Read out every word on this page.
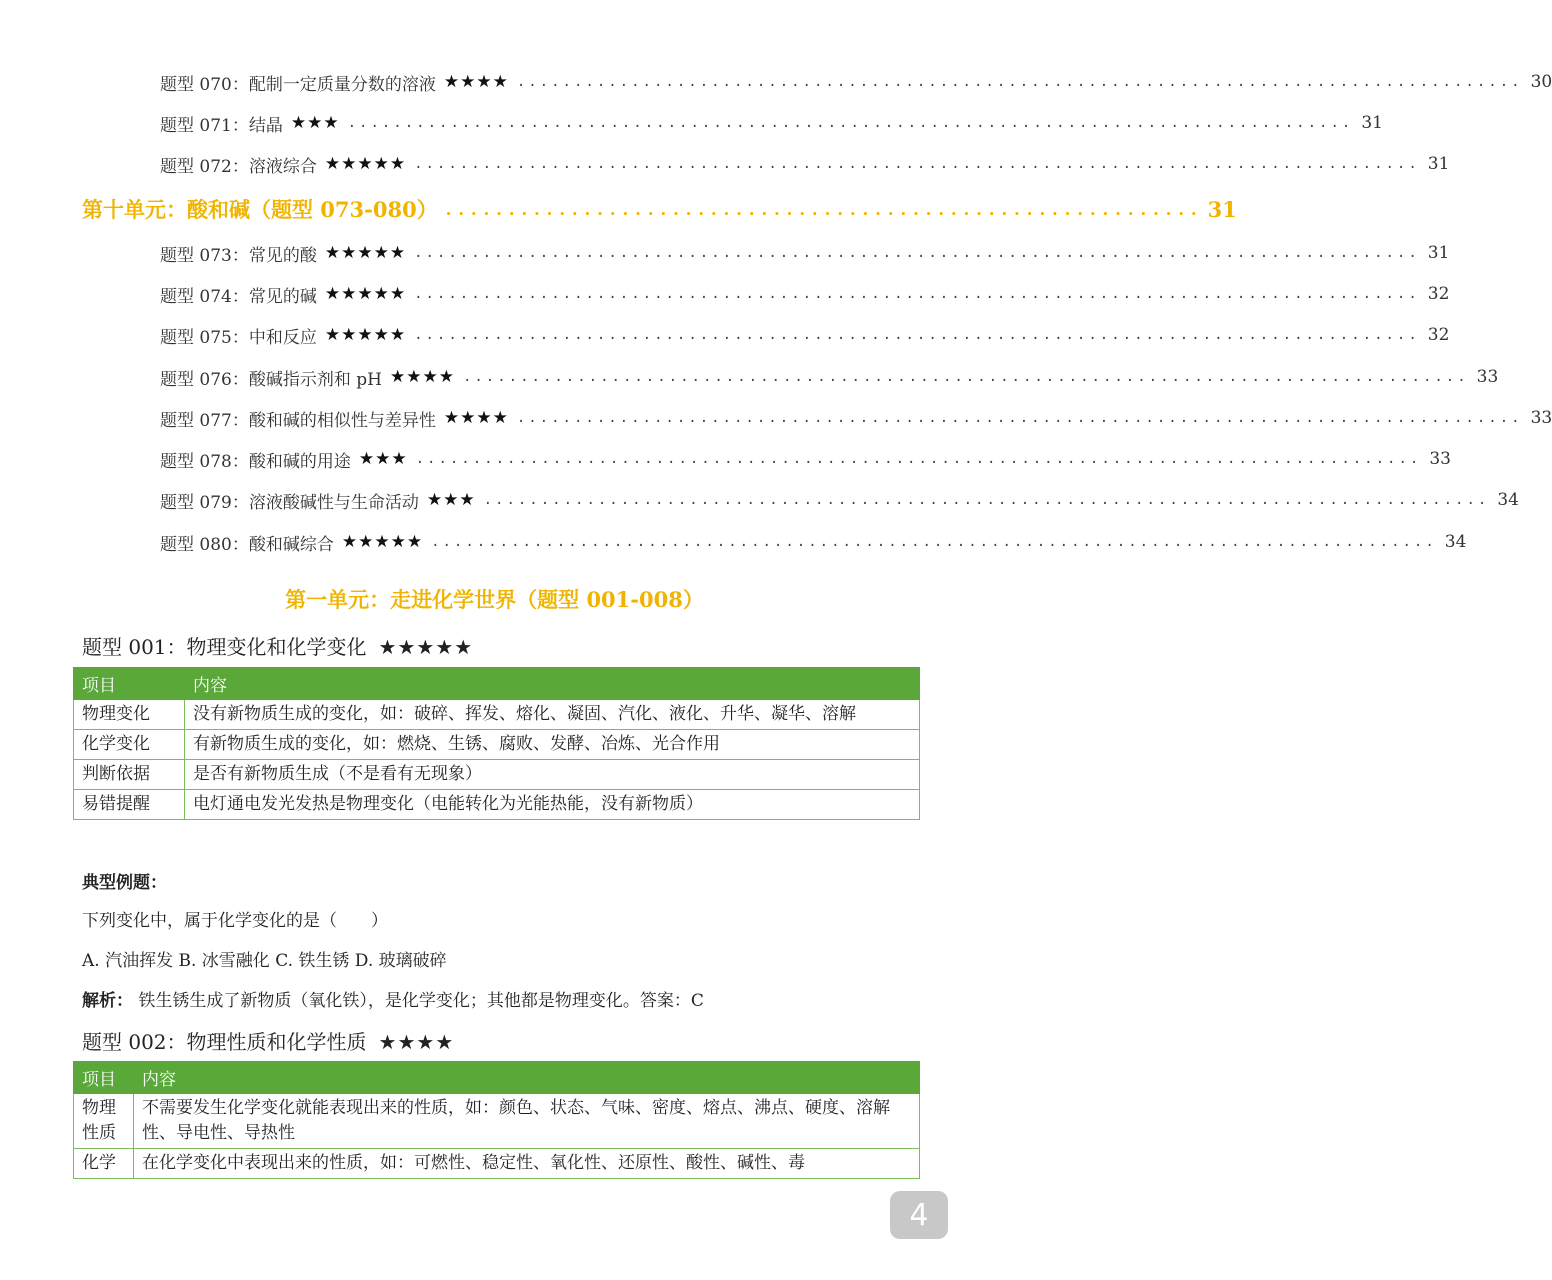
题型 070：配制一定质量分数的溶液 ★★★★ ........................................................................................ 30
题型 071：结晶 ★★★ ........................................................................................ 31
题型 072：溶液综合 ★★★★★ ........................................................................................ 31
第十单元：酸和碱（题型 073-080） ............................................................ 31
题型 073：常见的酸 ★★★★★ ........................................................................................ 31
题型 074：常见的碱 ★★★★★ ........................................................................................ 32
题型 075：中和反应 ★★★★★ ........................................................................................ 32
题型 076：酸碱指示剂和 pH ★★★★ ........................................................................................ 33
题型 077：酸和碱的相似性与差异性 ★★★★ ........................................................................................ 33
题型 078：酸和碱的用途 ★★★ ........................................................................................ 33
题型 079：溶液酸碱性与生命活动 ★★★ ........................................................................................ 34
题型 080：酸和碱综合 ★★★★★ ........................................................................................ 34
第一单元：走进化学世界（题型 001-008）
题型 001：物理变化和化学变化 ★★★★★
项目	内容
物理变化	没有新物质生成的变化，如：破碎、挥发、熔化、凝固、汽化、液化、升华、凝华、溶解
化学变化	有新物质生成的变化，如：燃烧、生锈、腐败、发酵、冶炼、光合作用
判断依据	是否有新物质生成（不是看有无现象）
易错提醒	电灯通电发光发热是物理变化（电能转化为光能热能，没有新物质）
典型例题：
下列变化中，属于化学变化的是（　　）
A. 汽油挥发 B. 冰雪融化 C. 铁生锈 D. 玻璃破碎
解析： 铁生锈生成了新物质（氧化铁），是化学变化；其他都是物理变化。答案：C
题型 002：物理性质和化学性质 ★★★★
项目	内容
物理性质	不需要发生化学变化就能表现出来的性质，如：颜色、状态、气味、密度、熔点、沸点、硬度、溶解性、导电性、导热性
化学	在化学变化中表现出来的性质，如：可燃性、稳定性、氧化性、还原性、酸性、碱性、毒
4
